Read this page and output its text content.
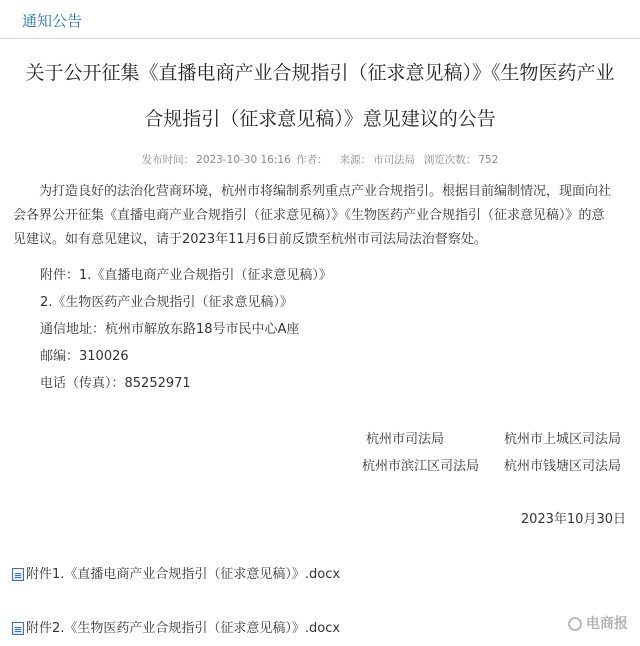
通知公告
关于公开征集《直播电商产业合规指引（征求意见稿）》《生物医药产业
合规指引（征求意见稿）》意见建议的公告
发布时间： 2023-10-30 16:16 作者： 来源： 市司法局 浏览次数： 752
为打造良好的法治化营商环境，杭州市将编制系列重点产业合规指引。根据目前编制情况，现面向社会各界公开征集《直播电商产业合规指引（征求意见稿）》《生物医药产业合规指引（征求意见稿）》的意见建议。如有意见建议，请于2023年11月6日前反馈至杭州市司法局法治督察处。
附件：1.《直播电商产业合规指引（征求意见稿）》
2.《生物医药产业合规指引（征求意见稿）》
通信地址：杭州市解放东路18号市民中心A座
邮编：310026
电话（传真）：85252971
杭州市司法局	杭州市上城区司法局
杭州市滨江区司法局 杭州市钱塘区司法局
2023年10月30日
附件1.《直播电商产业合规指引（征求意见稿）》.docx
附件2.《生物医药产业合规指引（征求意见稿）》.docx	电商报
